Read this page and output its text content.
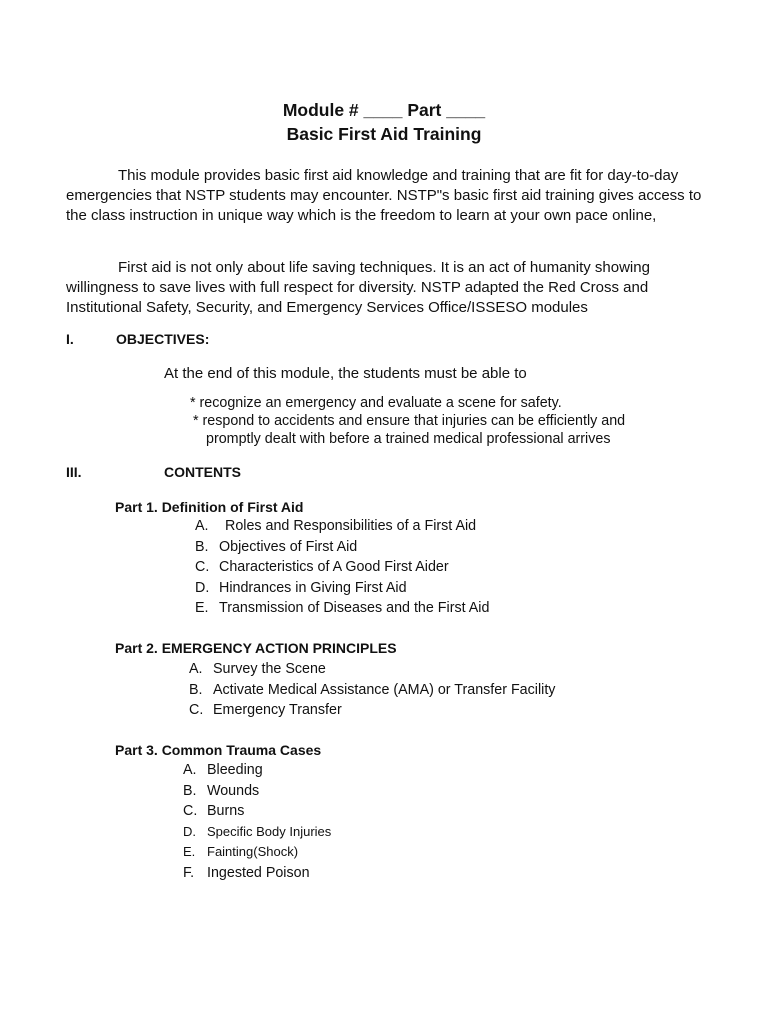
Module # ____ Part ____
Basic First Aid Training
This module provides basic first aid knowledge and training that are fit for day-to-day emergencies that NSTP students may encounter. NSTP"s basic first aid training gives access to the class instruction in unique way which is the freedom to learn at your own pace online,
First aid is not only about life saving techniques. It is an act of humanity showing willingness to save lives with full respect for diversity. NSTP adapted the Red Cross and Institutional Safety, Security, and Emergency Services Office/ISSESO modules
I.	OBJECTIVES:
At the end of this module, the students must be able to
* recognize an emergency and evaluate a scene for safety.
* respond to accidents and ensure that injuries can be efficiently and
promptly dealt with before a trained medical professional arrives
III.	CONTENTS
Part 1. Definition of First Aid
A. Roles and Responsibilities of a First Aid
B. Objectives of First Aid
C. Characteristics of A Good First Aider
D. Hindrances in Giving First Aid
E. Transmission of Diseases and the First Aid
Part 2. EMERGENCY ACTION PRINCIPLES
A. Survey the Scene
B. Activate Medical Assistance (AMA) or Transfer Facility
C. Emergency Transfer
Part 3. Common Trauma Cases
A. Bleeding
B. Wounds
C. Burns
D. Specific Body Injuries
E. Fainting(Shock)
F. Ingested Poison
